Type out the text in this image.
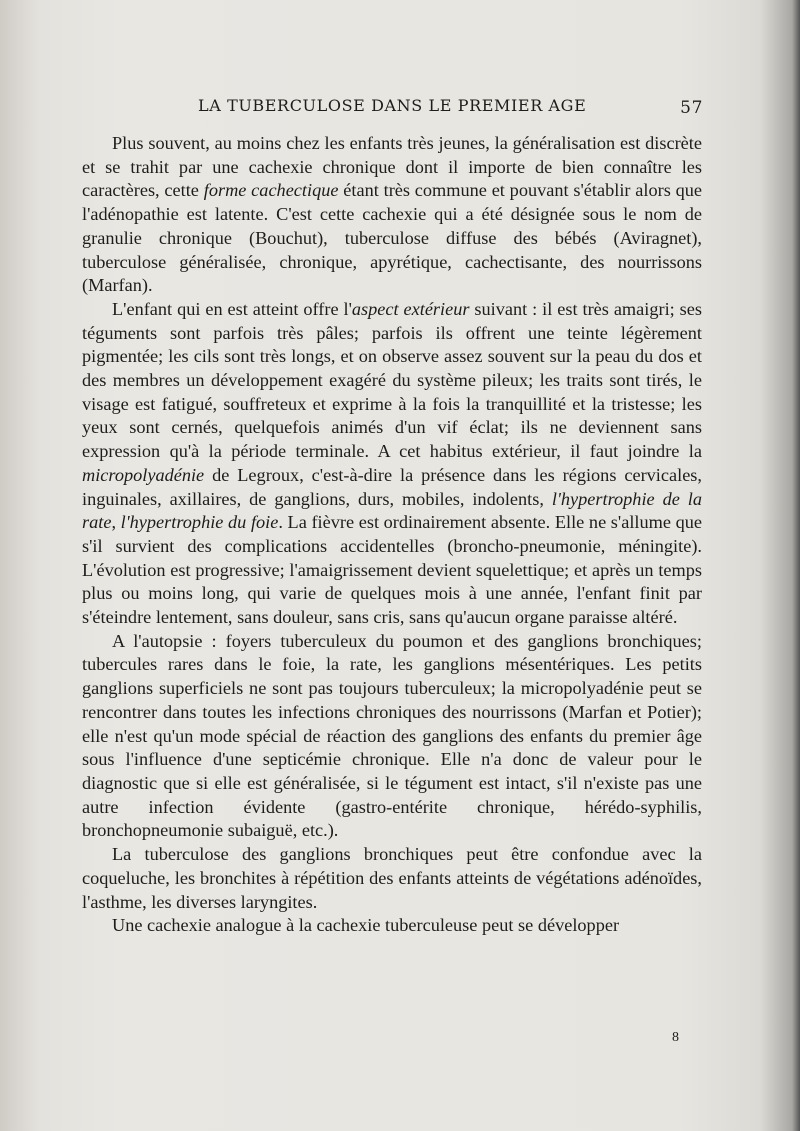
LA TUBERCULOSE DANS LE PREMIER AGE	57

Plus souvent, au moins chez les enfants très jeunes, la généralisation est discrète et se trahit par une cachexie chronique dont il importe de bien connaître les caractères, cette forme cachectique étant très commune et pouvant s'établir alors que l'adénopathie est latente. C'est cette cachexie qui a été désignée sous le nom de granulie chronique (Bouchut), tuberculose diffuse des bébés (Aviragnet), tuberculose généralisée, chronique, apyrétique, cachectisante, des nourrissons (Marfan).

L'enfant qui en est atteint offre l'aspect extérieur suivant : il est très amaigri; ses téguments sont parfois très pâles; parfois ils offrent une teinte légèrement pigmentée; les cils sont très longs, et on observe assez souvent sur la peau du dos et des membres un développement exagéré du système pileux; les traits sont tirés, le visage est fatigué, souffreteux et exprime à la fois la tranquillité et la tristesse; les yeux sont cernés, quelquefois animés d'un vif éclat; ils ne deviennent sans expression qu'à la période terminale. A cet habitus extérieur, il faut joindre la micropolyadénie de Legroux, c'est-à-dire la présence dans les régions cervicales, inguinales, axillaires, de ganglions, durs, mobiles, indolents, l'hypertrophie de la rate, l'hypertrophie du foie. La fièvre est ordinairement absente. Elle ne s'allume que s'il survient des complications accidentelles (broncho-pneumonie, méningite). L'évolution est progressive; l'amaigrissement devient squelettique; et après un temps plus ou moins long, qui varie de quelques mois à une année, l'enfant finit par s'éteindre lentement, sans douleur, sans cris, sans qu'aucun organe paraisse altéré.

A l'autopsie : foyers tuberculeux du poumon et des ganglions bronchiques; tubercules rares dans le foie, la rate, les ganglions mésentériques. Les petits ganglions superficiels ne sont pas toujours tuberculeux; la micropolyadénie peut se rencontrer dans toutes les infections chroniques des nourrissons (Marfan et Potier); elle n'est qu'un mode spécial de réaction des ganglions des enfants du premier âge sous l'influence d'une septicémie chronique. Elle n'a donc de valeur pour le diagnostic que si elle est généralisée, si le tégument est intact, s'il n'existe pas une autre infection évidente (gastro-entérite chronique, hérédo-syphilis, bronchopneumonie subaiguë, etc.).

La tuberculose des ganglions bronchiques peut être confondue avec la coqueluche, les bronchites à répétition des enfants atteints de végétations adénoïdes, l'asthme, les diverses laryngites.

Une cachexie analogue à la cachexie tuberculeuse peut se développer

8
